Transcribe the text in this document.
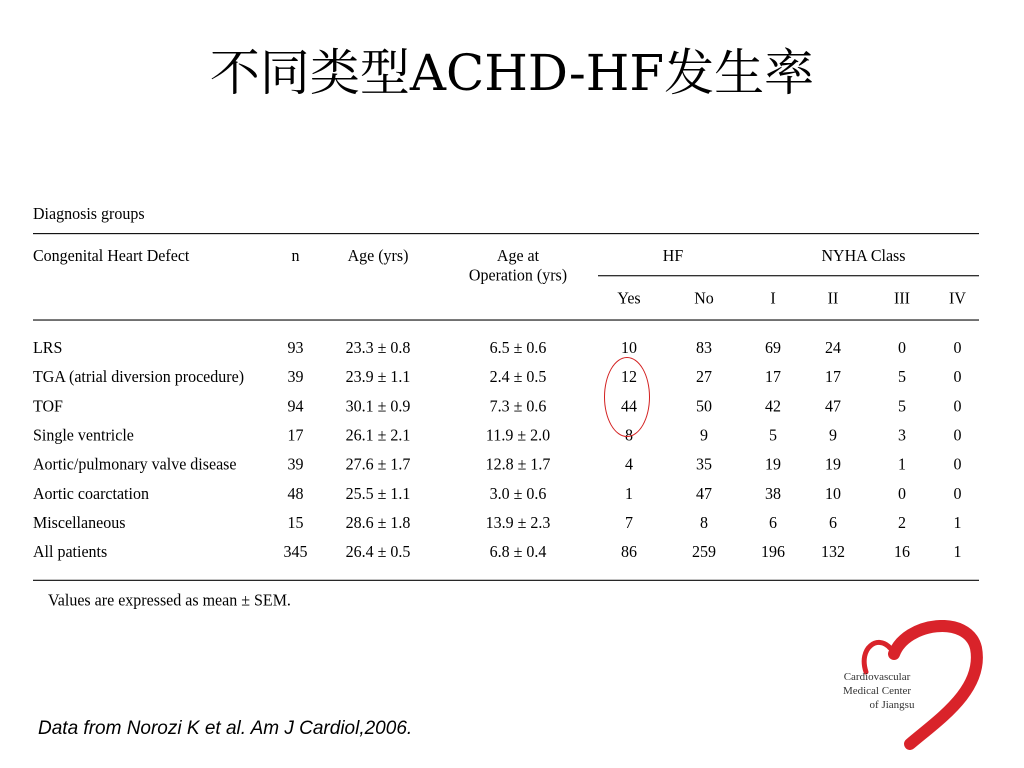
不同类型ACHD-HF发生率
Diagnosis groups
Congenital Heart Defect	n	Age (yrs)	Age at
Operation (yrs)	HF		NYHA Class			
				Yes	No	I	II	III	IV
LRS	93	23.3 ± 0.8	6.5 ± 0.6	10	83	69	24	0	0
TGA (atrial diversion procedure)	39	23.9 ± 1.1	2.4 ± 0.5	12	27	17	17	5	0
TOF	94	30.1 ± 0.9	7.3 ± 0.6	44	50	42	47	5	0
Single ventricle	17	26.1 ± 2.1	11.9 ± 2.0	8	9	5	9	3	0
Aortic/pulmonary valve disease	39	27.6 ± 1.7	12.8 ± 1.7	4	35	19	19	1	0
Aortic coarctation	48	25.5 ± 1.1	3.0 ± 0.6	1	47	38	10	0	0
Miscellaneous	15	28.6 ± 1.8	13.9 ± 2.3	7	8	6	6	2	1
All patients	345	26.4 ± 0.5	6.8 ± 0.4	86	259	196	132	16	1
Values are expressed as mean ± SEM.									
Data from Norozi K et al. Am J Cardiol,2006.
Cardiovascular
Medical Center
of Jiangsu
